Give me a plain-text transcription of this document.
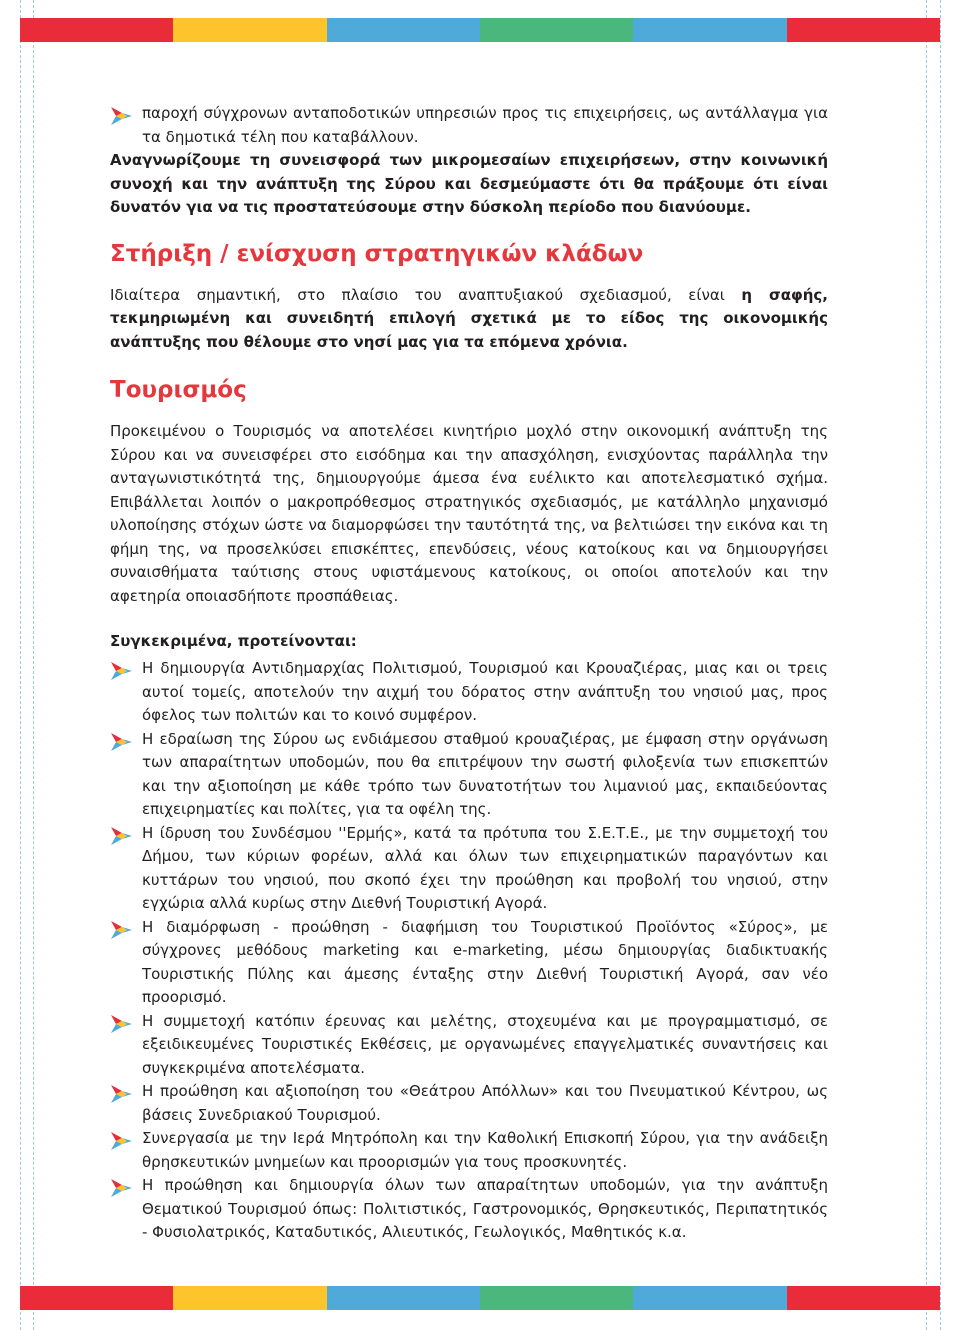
παροχή σύγχρονων ανταποδοτικών υπηρεσιών προς τις επιχειρήσεις, ως αντάλλαγμα για τα δημοτικά τέλη που καταβάλλουν.

Αναγνωρίζουμε τη συνεισφορά των μικρομεσαίων επιχειρήσεων, στην κοινωνική συνοχή και την ανάπτυξη της Σύρου και δεσμεύμαστε ότι θα πράξουμε ότι είναι δυνατόν για να τις προστατεύσουμε στην δύσκολη περίοδο που διανύουμε.

Στήριξη / ενίσχυση στρατηγικών κλάδων

Ιδιαίτερα σημαντική, στο πλαίσιο του αναπτυξιακού σχεδιασμού, είναι η σαφής, τεκμηριωμένη και συνειδητή επιλογή σχετικά με το είδος της οικονομικής ανάπτυξης που θέλουμε στο νησί μας για τα επόμενα χρόνια.

Τουρισμός

Προκειμένου ο Τουρισμός να αποτελέσει κινητήριο μοχλό στην οικονομική ανάπτυξη της Σύρου και να συνεισφέρει στο εισόδημα και την απασχόληση, ενισχύοντας παράλληλα την ανταγωνιστικότητά της, δημιουργούμε άμεσα ένα ευέλικτο και αποτελεσματικό σχήμα. Επιβάλλεται λοιπόν ο μακροπρόθεσμος στρατηγικός σχεδιασμός, με κατάλληλο μηχανισμό υλοποίησης στόχων ώστε να διαμορφώσει την ταυτότητά της, να βελτιώσει την εικόνα και τη φήμη της, να προσελκύσει επισκέπτες, επενδύσεις, νέους κατοίκους και να δημιουργήσει συναισθήματα ταύτισης στους υφιστάμενους κατοίκους, οι οποίοι αποτελούν και την αφετηρία οποιασδήποτε προσπάθειας.

Συγκεκριμένα, προτείνονται:

Η δημιουργία Αντιδημαρχίας Πολιτισμού, Τουρισμού και Κρουαζιέρας, μιας και οι τρεις αυτοί τομείς, αποτελούν την αιχμή του δόρατος στην ανάπτυξη του νησιού μας, προς όφελος των πολιτών και το κοινό συμφέρον.

Η εδραίωση της Σύρου ως ενδιάμεσου σταθμού κρουαζιέρας, με έμφαση στην οργάνωση των απαραίτητων υποδομών, που θα επιτρέψουν την σωστή φιλοξενία των επισκεπτών και την αξιοποίηση με κάθε τρόπο των δυνατοτήτων του λιμανιού μας, εκπαιδεύοντας επιχειρηματίες και πολίτες, για τα οφέλη της.

Η ίδρυση του Συνδέσμου ''Ερμής», κατά τα πρότυπα του Σ.Ε.Τ.Ε., με την συμμετοχή του Δήμου, των κύριων φορέων, αλλά και όλων των επιχειρηματικών παραγόντων και κυττάρων του νησιού, που σκοπό έχει την προώθηση και προβολή του νησιού, στην εγχώρια αλλά κυρίως στην Διεθνή Τουριστική Αγορά.

Η διαμόρφωση - προώθηση - διαφήμιση του Τουριστικού Προϊόντος «Σύρος», με σύγχρονες μεθόδους marketing και e-marketing, μέσω δημιουργίας διαδικτυακής Τουριστικής Πύλης και άμεσης ένταξης στην Διεθνή Τουριστική Αγορά, σαν νέο προορισμό.

Η συμμετοχή κατόπιν έρευνας και μελέτης, στοχευμένα και με προγραμματισμό, σε εξειδικευμένες Τουριστικές Εκθέσεις, με οργανωμένες επαγγελματικές συναντήσεις και συγκεκριμένα αποτελέσματα.

Η προώθηση και αξιοποίηση του «Θεάτρου Απόλλων» και του Πνευματικού Κέντρου, ως βάσεις Συνεδριακού Τουρισμού.

Συνεργασία με την Ιερά Μητρόπολη και την Καθολική Επισκοπή Σύρου, για την ανάδειξη θρησκευτικών μνημείων και προορισμών για τους προσκυνητές.

Η προώθηση και δημιουργία όλων των απαραίτητων υποδομών, για την ανάπτυξη Θεματικού Τουρισμού όπως: Πολιτιστικός, Γαστρονομικός, Θρησκευτικός, Περιπατητικός - Φυσιολατρικός, Καταδυτικός, Αλιευτικός, Γεωλογικός, Μαθητικός κ.α.
